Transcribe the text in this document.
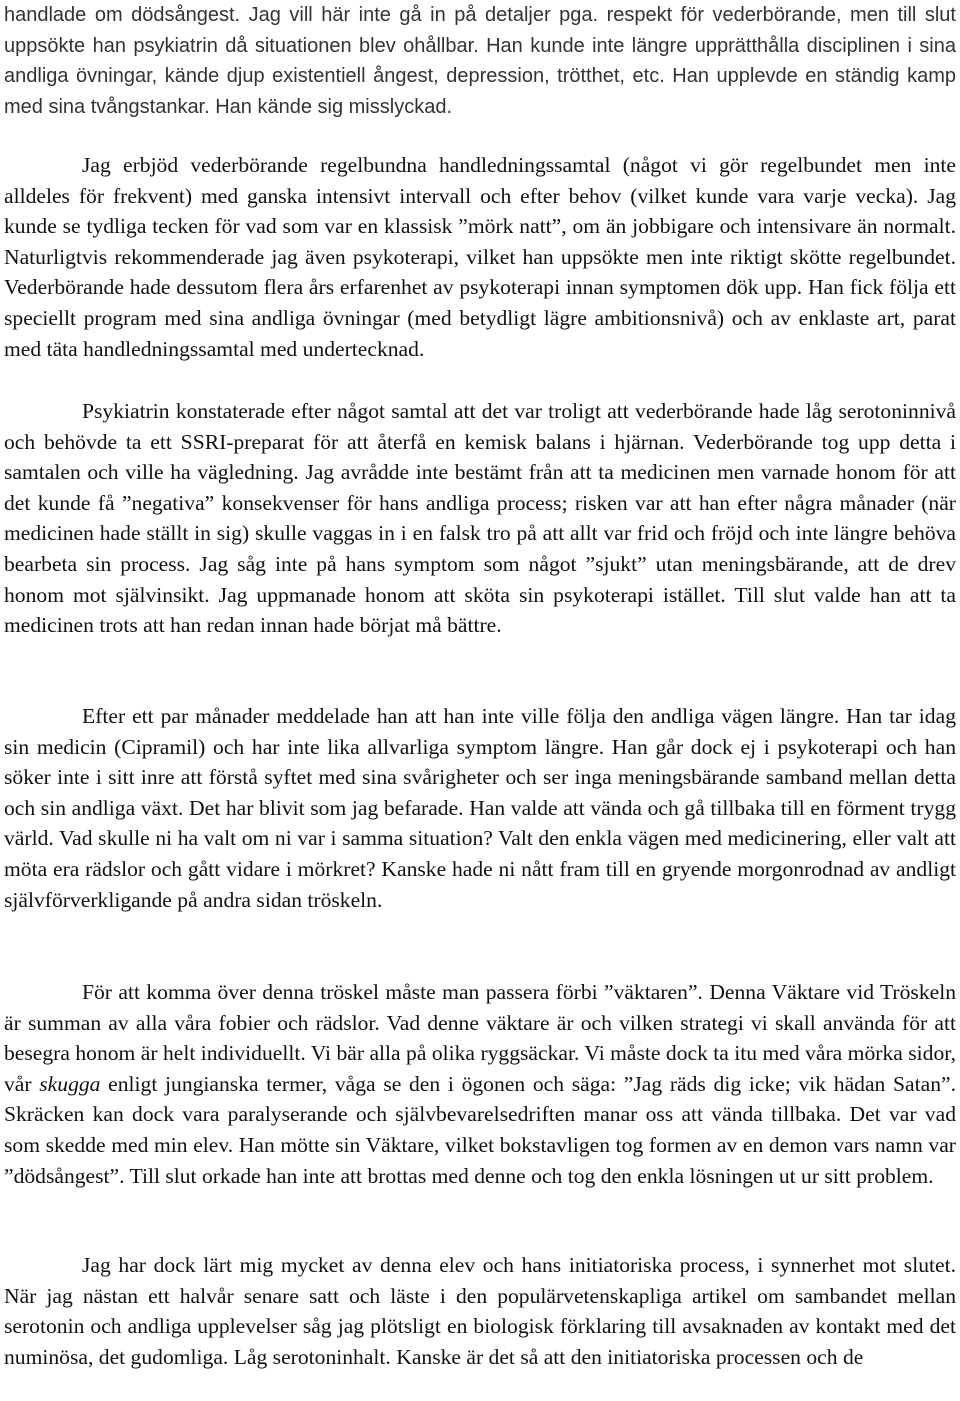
handlade om dödsångest. Jag vill här inte gå in på detaljer pga. respekt för vederbörande, men till slut uppsökte han psykiatrin då situationen blev ohållbar. Han kunde inte längre upprätthålla disciplinen i sina andliga övningar, kände djup existentiell ångest, depression, trötthet, etc. Han upplevde en ständig kamp med sina tvångstankar. Han kände sig misslyckad.

Jag erbjöd vederbörande regelbundna handledningssamtal (något vi gör regelbundet men inte alldeles för frekvent) med ganska intensivt intervall och efter behov (vilket kunde vara varje vecka). Jag kunde se tydliga tecken för vad som var en klassisk ”mörk natt”, om än jobbigare och intensivare än normalt. Naturligtvis rekommenderade jag även psykoterapi, vilket han uppsökte men inte riktigt skötte regelbundet. Vederbörande hade dessutom flera års erfarenhet av psykoterapi innan symptomen dök upp. Han fick följa ett speciellt program med sina andliga övningar (med betydligt lägre ambitionsnivå) och av enklaste art, parat med täta handledningssamtal med undertecknad.

Psykiatrin konstaterade efter något samtal att det var troligt att vederbörande hade låg serotoninnivå och behövde ta ett SSRI-preparat för att återfå en kemisk balans i hjärnan. Vederbörande tog upp detta i samtalen och ville ha vägledning. Jag avrådde inte bestämt från att ta medicinen men varnade honom för att det kunde få ”negativa” konsekvenser för hans andliga process; risken var att han efter några månader (när medicinen hade ställt in sig) skulle vaggas in i en falsk tro på att allt var frid och fröjd och inte längre behöva bearbeta sin process. Jag såg inte på hans symptom som något ”sjukt” utan meningsbärande, att de drev honom mot självinsikt. Jag uppmanade honom att sköta sin psykoterapi istället. Till slut valde han att ta medicinen trots att han redan innan hade börjat må bättre.

Efter ett par månader meddelade han att han inte ville följa den andliga vägen längre. Han tar idag sin medicin (Cipramil) och har inte lika allvarliga symptom längre. Han går dock ej i psykoterapi och han söker inte i sitt inre att förstå syftet med sina svårigheter och ser inga meningsbärande samband mellan detta och sin andliga växt. Det har blivit som jag befarade. Han valde att vända och gå tillbaka till en förment trygg värld. Vad skulle ni ha valt om ni var i samma situation? Valt den enkla vägen med medicinering, eller valt att möta era rädslor och gått vidare i mörkret? Kanske hade ni nått fram till en gryende morgonrodnad av andligt självförverkligande på andra sidan tröskeln.

För att komma över denna tröskel måste man passera förbi ”väktaren”. Denna Väktare vid Tröskeln är summan av alla våra fobier och rädslor. Vad denne väktare är och vilken strategi vi skall använda för att besegra honom är helt individuellt. Vi bär alla på olika ryggsäckar. Vi måste dock ta itu med våra mörka sidor, vår skugga enligt jungianska termer, våga se den i ögonen och säga: ”Jag räds dig icke; vik hädan Satan”. Skräcken kan dock vara paralyserande och självbevarelsedriften manar oss att vända tillbaka. Det var vad som skedde med min elev. Han mötte sin Väktare, vilket bokstavligen tog formen av en demon vars namn var ”dödsångest”. Till slut orkade han inte att brottas med denne och tog den enkla lösningen ut ur sitt problem.

Jag har dock lärt mig mycket av denna elev och hans initiatoriska process, i synnerhet mot slutet. När jag nästan ett halvår senare satt och läste i den populärvetenskapliga artikel om sambandet mellan serotonin och andliga upplevelser såg jag plötsligt en biologisk förklaring till avsaknaden av kontakt med det numinösa, det gudomliga. Låg serotoninhalt. Kanske är det så att den initiatoriska processen och de
